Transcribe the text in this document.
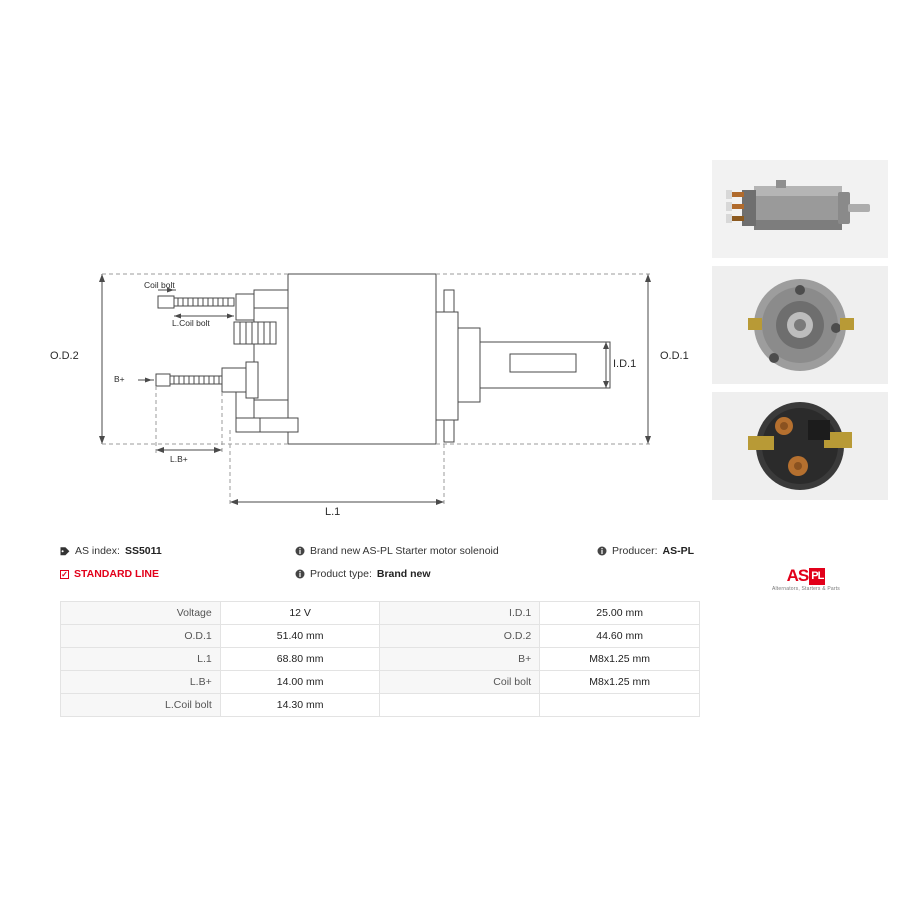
O.D.2	O.D.1
I.D.1
L.1
L.B+
B+
Coil bolt
L.Coil bolt
AS index: SS5011
✓ STANDARD LINE
Brand new AS-PL Starter motor solenoid
Product type: Brand new
Producer: AS-PL
AS PL
Alternators, Starters & Parts
Voltage	12 V	I.D.1	25.00 mm
O.D.1	51.40 mm	O.D.2	44.60 mm
L.1	68.80 mm	B+	M8x1.25 mm
L.B+	14.00 mm	Coil bolt	M8x1.25 mm
L.Coil bolt	14.30 mm		
